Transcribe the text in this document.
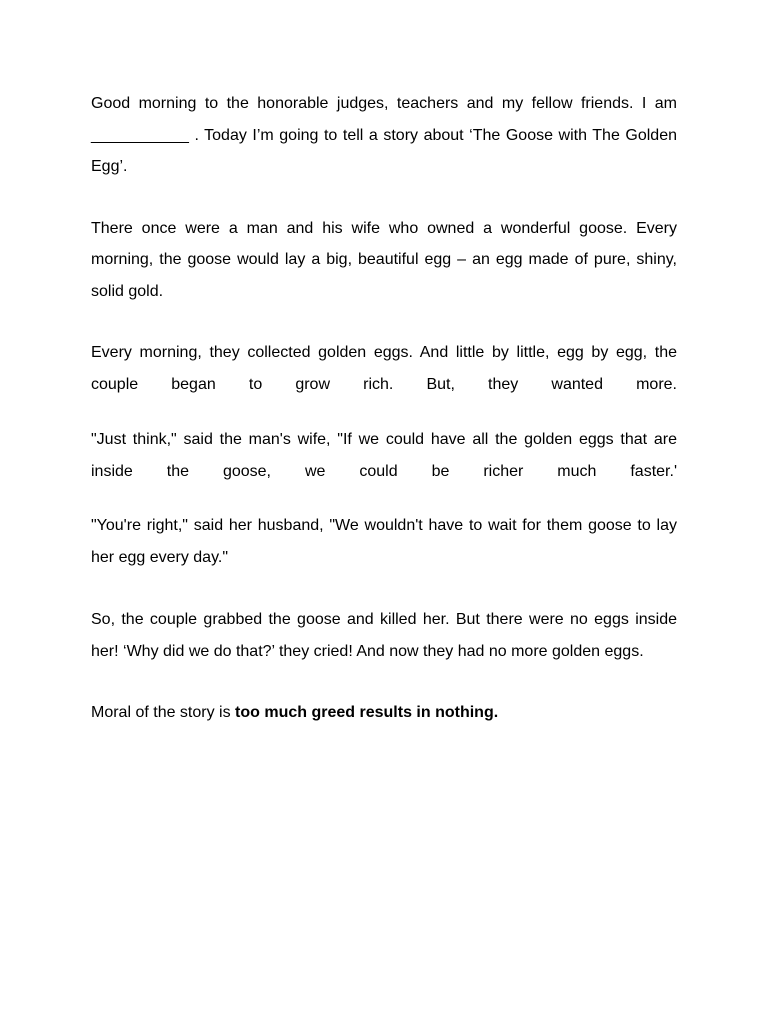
Good morning to the honorable judges, teachers and my fellow friends. I am ___________ . Today I’m going to tell a story about ‘The Goose with The Golden Egg’.

There once were a man and his wife who owned a wonderful goose. Every morning, the goose would lay a big, beautiful egg – an egg made of pure, shiny, solid gold.

Every morning, they collected golden eggs. And little by little, egg by egg, the couple began to grow rich. But, they wanted more.

"Just think," said the man's wife, "If we could have all the golden eggs that are inside the goose, we could be richer much faster.'

"You're right," said her husband, "We wouldn't have to wait for them goose to lay her egg every day."

So, the couple grabbed the goose and killed her. But there were no eggs inside her! ‘Why did we do that?’ they cried! And now they had no more golden eggs.

Moral of the story is too much greed results in nothing.
